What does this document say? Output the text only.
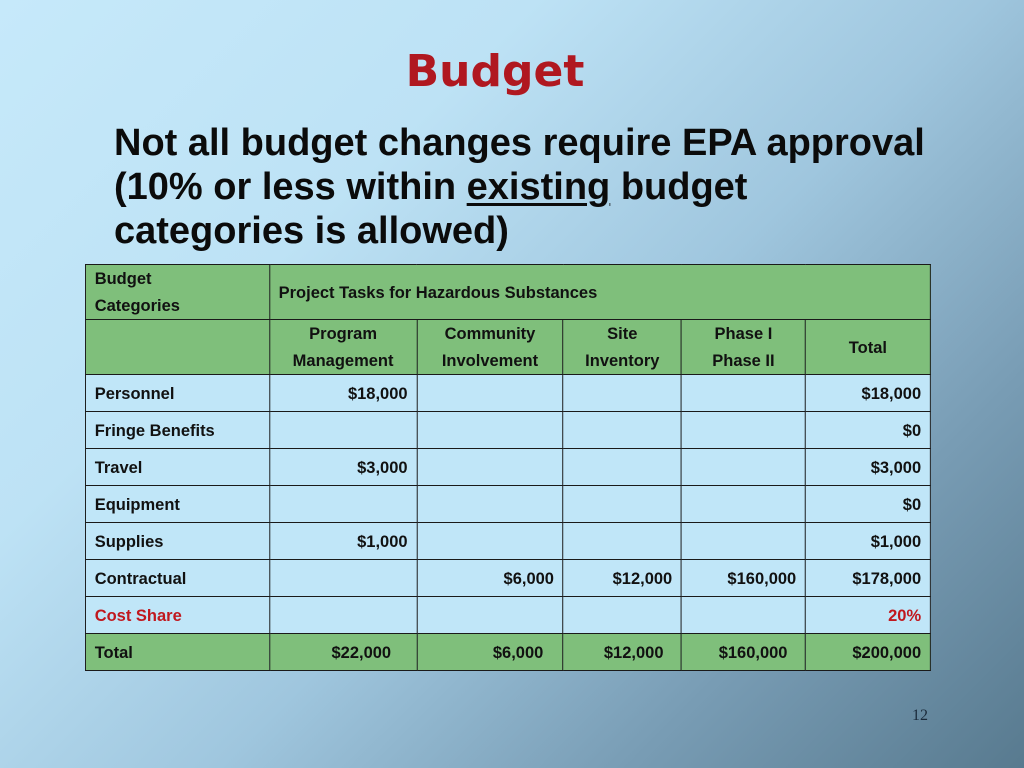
Budget
Not all budget changes require EPA approval (10% or less within existing budget categories is allowed)
Budget Categories	Project Tasks for Hazardous Substances				

	Program Management	Community Involvement	Site Inventory	Phase I Phase II	Total
Personnel	$18,000				$18,000
Fringe Benefits					$0
Travel	$3,000				$3,000
Equipment					$0
Supplies	$1,000				$1,000
Contractual		$6,000	$12,000	$160,000	$178,000
Cost Share					20%
Total	$22,000	$6,000	$12,000	$160,000	$200,000
12
